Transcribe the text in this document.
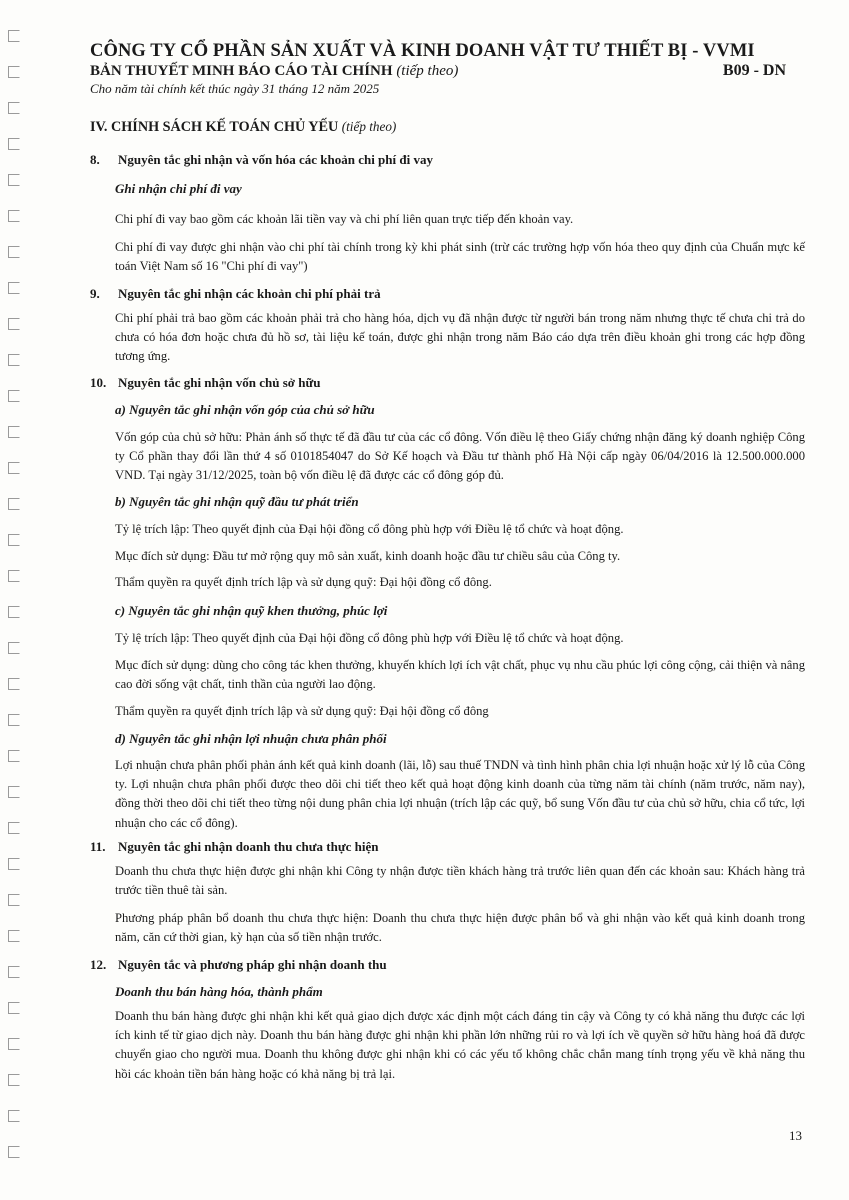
CÔNG TY CỔ PHẦN SẢN XUẤT VÀ KINH DOANH VẬT TƯ THIẾT BỊ - VVMI
BẢN THUYẾT MINH BÁO CÁO TÀI CHÍNH (tiếp theo)
Cho năm tài chính kết thúc ngày 31 tháng 12 năm 2025
B09 - DN
IV. CHÍNH SÁCH KẾ TOÁN CHỦ YẾU (tiếp theo)
8. Nguyên tắc ghi nhận và vốn hóa các khoản chi phí đi vay
Ghi nhận chi phí đi vay
Chi phí đi vay bao gồm các khoản lãi tiền vay và chi phí liên quan trực tiếp đến khoản vay.
Chi phí đi vay được ghi nhận vào chi phí tài chính trong kỳ khi phát sinh (trừ các trường hợp vốn hóa theo quy định của Chuẩn mực kế toán Việt Nam số 16 "Chi phí đi vay")
9. Nguyên tắc ghi nhận các khoản chi phí phải trả
Chi phí phải trả bao gồm các khoản phải trả cho hàng hóa, dịch vụ đã nhận được từ người bán trong năm nhưng thực tế chưa chi trả do chưa có hóa đơn hoặc chưa đủ hồ sơ, tài liệu kế toán, được ghi nhận trong năm Báo cáo dựa trên điều khoản ghi trong các hợp đồng tương ứng.
10. Nguyên tắc ghi nhận vốn chủ sở hữu
a) Nguyên tắc ghi nhận vốn góp của chủ sở hữu
Vốn góp của chủ sở hữu: Phản ánh số thực tế đã đầu tư của các cổ đông. Vốn điều lệ theo Giấy chứng nhận đăng ký doanh nghiệp Công ty Cổ phần thay đổi lần thứ 4 số 0101854047 do Sở Kế hoạch và Đầu tư thành phố Hà Nội cấp ngày 06/04/2016 là 12.500.000.000 VND. Tại ngày 31/12/2025, toàn bộ vốn điều lệ đã được các cổ đông góp đủ.
b) Nguyên tắc ghi nhận quỹ đầu tư phát triển
Tỷ lệ trích lập: Theo quyết định của Đại hội đồng cổ đông phù hợp với Điều lệ tổ chức và hoạt động.
Mục đích sử dụng: Đầu tư mở rộng quy mô sản xuất, kinh doanh hoặc đầu tư chiều sâu của Công ty.
Thẩm quyền ra quyết định trích lập và sử dụng quỹ: Đại hội đồng cổ đông.
c) Nguyên tắc ghi nhận quỹ khen thưởng, phúc lợi
Tỷ lệ trích lập: Theo quyết định của Đại hội đồng cổ đông phù hợp với Điều lệ tổ chức và hoạt động.
Mục đích sử dụng: dùng cho công tác khen thưởng, khuyến khích lợi ích vật chất, phục vụ nhu cầu phúc lợi công cộng, cải thiện và nâng cao đời sống vật chất, tinh thần của người lao động.
Thẩm quyền ra quyết định trích lập và sử dụng quỹ: Đại hội đồng cổ đông
d) Nguyên tắc ghi nhận lợi nhuận chưa phân phối
Lợi nhuận chưa phân phối phản ánh kết quả kinh doanh (lãi, lỗ) sau thuế TNDN và tình hình phân chia lợi nhuận hoặc xử lý lỗ của Công ty. Lợi nhuận chưa phân phối được theo dõi chi tiết theo kết quả hoạt động kinh doanh của từng năm tài chính (năm trước, năm nay), đồng thời theo dõi chi tiết theo từng nội dung phân chia lợi nhuận (trích lập các quỹ, bổ sung Vốn đầu tư của chủ sở hữu, chia cổ tức, lợi nhuận cho các cổ đông).
11. Nguyên tắc ghi nhận doanh thu chưa thực hiện
Doanh thu chưa thực hiện được ghi nhận khi Công ty nhận được tiền khách hàng trả trước liên quan đến các khoản sau: Khách hàng trả trước tiền thuê tài sản.
Phương pháp phân bổ doanh thu chưa thực hiện: Doanh thu chưa thực hiện được phân bổ và ghi nhận vào kết quả kinh doanh trong năm, căn cứ thời gian, kỳ hạn của số tiền nhận trước.
12. Nguyên tắc và phương pháp ghi nhận doanh thu
Doanh thu bán hàng hóa, thành phẩm
Doanh thu bán hàng được ghi nhận khi kết quả giao dịch được xác định một cách đáng tin cậy và Công ty có khả năng thu được các lợi ích kinh tế từ giao dịch này. Doanh thu bán hàng được ghi nhận khi phần lớn những rủi ro và lợi ích về quyền sở hữu hàng hoá đã được chuyển giao cho người mua. Doanh thu không được ghi nhận khi có các yếu tố không chắc chắn mang tính trọng yếu về khả năng thu hồi các khoản tiền bán hàng hoặc có khả năng bị trả lại.
13
